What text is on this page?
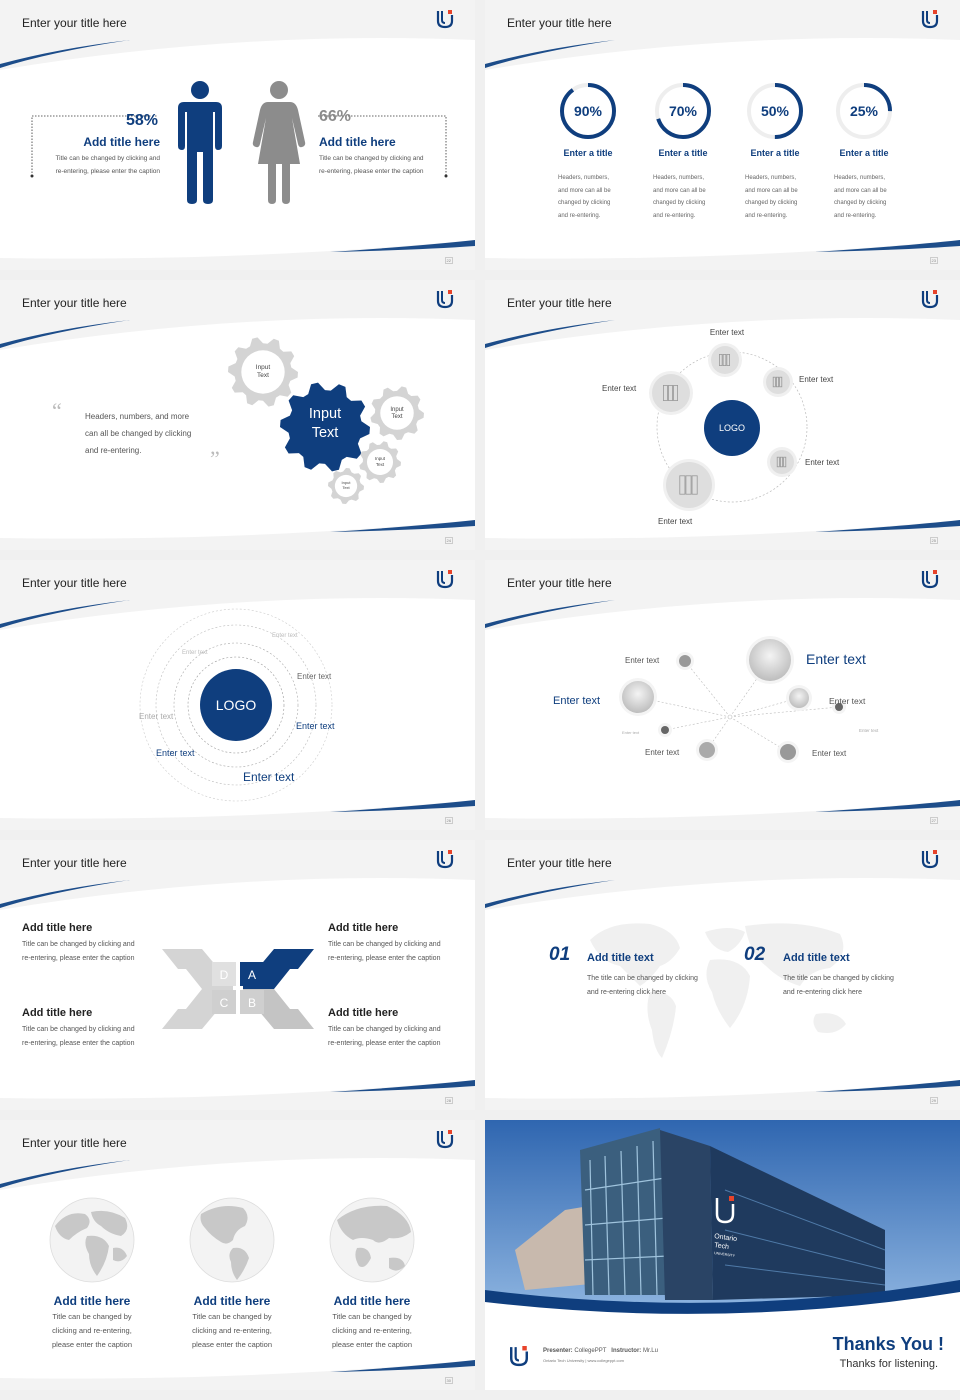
Enter your title here
22
58%
Add title here
Title can be changed by clicking and
re-entering, please enter the caption
66%
Add title here
Title can be changed by clicking and
re-entering, please enter the caption
Enter your title here
23
90%
Enter a title
Headers, numbers,
and more can all be
changed by clicking
and re-entering.
70%
Enter a title
Headers, numbers,
and more can all be
changed by clicking
and re-entering.
50%
Enter a title
Headers, numbers,
and more can all be
changed by clicking
and re-entering.
25%
Enter a title
Headers, numbers,
and more can all be
changed by clicking
and re-entering.
Enter your title here
24
“
”
Headers, numbers, and more
can all be changed by clicking
and re-entering.
Input
Text
Input
Text
Input
Text
Input
Text
Input
Text
Enter your title here
25
LOGO
Enter text
Enter text
Enter text
Enter text
Enter text
Enter your title here
26
LOGO
Enter text
Enter text
Enter text
Enter text
Enter text
Enter text
Enter text
Enter your title here
27
Enter text	Enter text
Enter text	Enter text
Enter text	Enter text
Enter text	Enter text
Enter your title here
28
Add title here
Title can be changed by clicking and
re-entering, please enter the caption
Add title here
Title can be changed by clicking and
re-entering, please enter the caption
Add title here
Title can be changed by clicking and
re-entering, please enter the caption
Add title here
Title can be changed by clicking and
re-entering, please enter the caption
D A
C B
Enter your title here
29
01 Add title text
The title can be changed by clicking
and re-entering click here
02 Add title text
The title can be changed by clicking
and re-entering click here
Enter your title here
30
Add title here
Title can be changed by
clicking and re-entering,
please enter the caption
Add title here
Title can be changed by
clicking and re-entering,
please enter the caption
Add title here
Title can be changed by
clicking and re-entering,
please enter the caption
Ontario
Tech
UNIVERSITY
Presenter: CollegePPT Instructor: Mr.Lu
Ontario Tech University | www.collegeppt.com
Thanks You !
Thanks for listening.
